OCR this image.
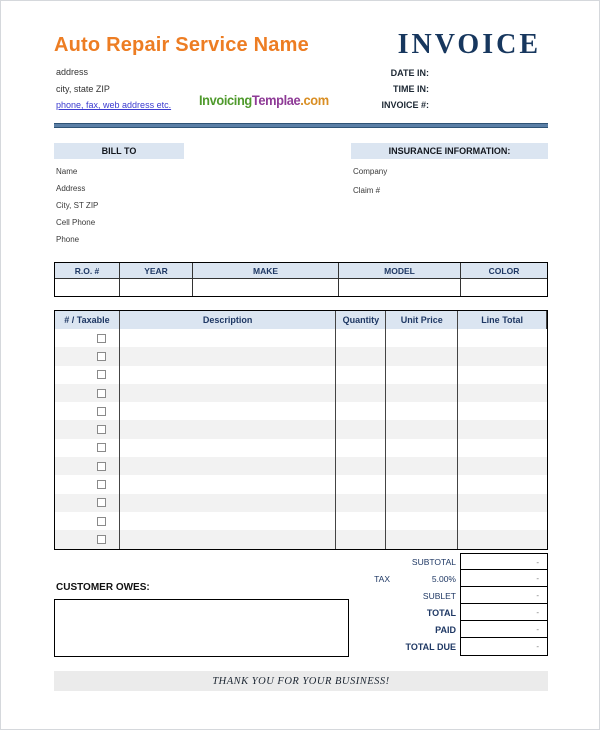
Auto Repair Service Name
address
city, state ZIP
phone, fax, web address etc. InvoicingTemplae.com
INVOICE
DATE IN:
TIME IN:
INVOICE #:
BILL TO	INSURANCE INFORMATION:
Name
Address
City, ST ZIP
Cell Phone
Phone
Company
Claim #
R.O. #	YEAR	MAKE	MODEL	COLOR
# / Taxable	Description	Quantity	Unit Price	Line Total
SUBTOTAL	-
TAX	5.00%	-
SUBLET	-
TOTAL	-
PAID	-
TOTAL DUE	-
CUSTOMER OWES:
THANK YOU FOR YOUR BUSINESS!
